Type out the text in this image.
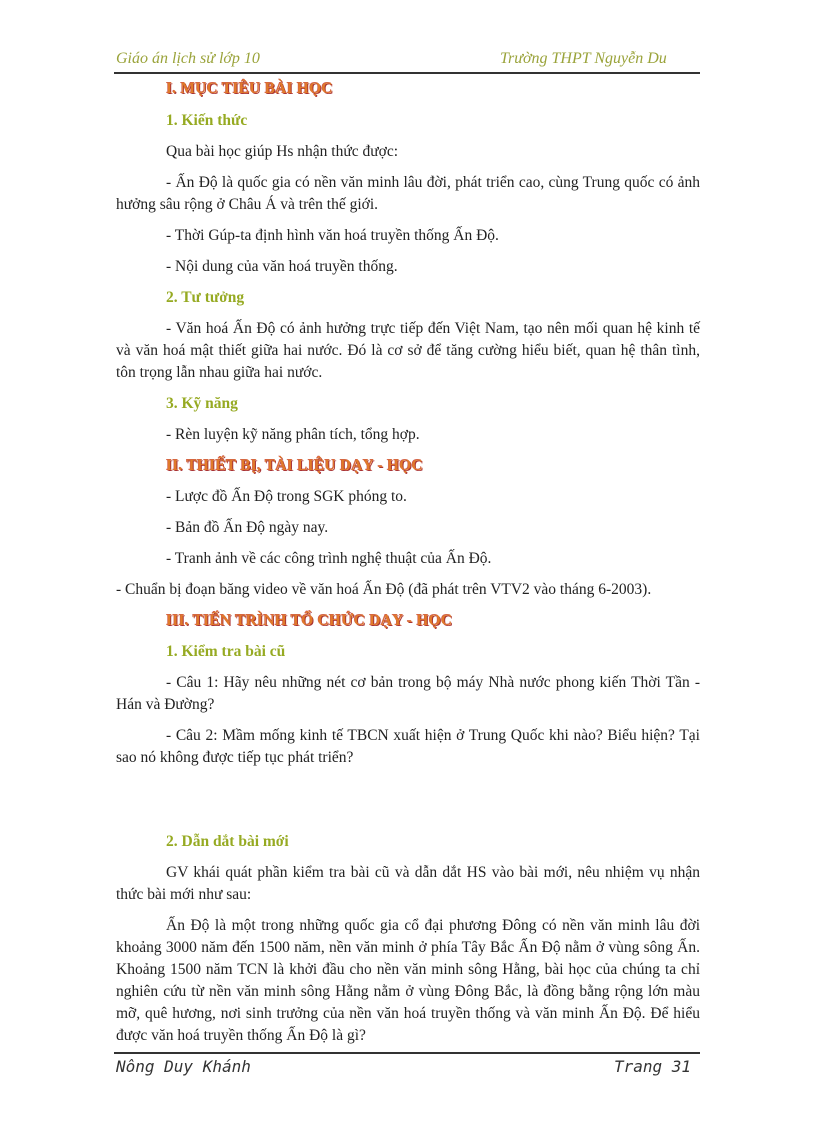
Giáo án lịch sử lớp 10	Trường THPT Nguyễn Du
I. MỤC TIÊU BÀI HỌC
1. Kiến thức

Qua bài học giúp Hs nhận thức được:

- Ấn Độ là quốc gia có nền văn minh lâu đời, phát triển cao, cùng Trung quốc có ảnh hưởng sâu rộng ở Châu Á và trên thế giới.

- Thời Gúp-ta định hình văn hoá truyền thống Ấn Độ.

- Nội dung của văn hoá truyền thống.

2. Tư tưởng

- Văn hoá Ấn Độ có ảnh hưởng trực tiếp đến Việt Nam, tạo nên mối quan hệ kinh tế và văn hoá mật thiết giữa hai nước. Đó là cơ sở để tăng cường hiểu biết, quan hệ thân tình, tôn trọng lẫn nhau giữa hai nước.

3. Kỹ năng

- Rèn luyện kỹ năng phân tích, tổng hợp.

II. THIẾT BỊ, TÀI LIỆU DẠY - HỌC

- Lược đồ Ấn Độ trong SGK phóng to.

- Bản đồ Ấn Độ ngày nay.

- Tranh ảnh về các công trình nghệ thuật của Ấn Độ.

- Chuẩn bị đoạn băng video về văn hoá Ấn Độ (đã phát trên VTV2 vào tháng 6-2003).

III. TIẾN TRÌNH TỔ CHỨC DẠY - HỌC
1. Kiểm tra bài cũ

- Câu 1: Hãy nêu những nét cơ bản trong bộ máy Nhà nước phong kiến Thời Tần - Hán và Đường?

- Câu 2: Mầm mống kinh tế TBCN xuất hiện ở Trung Quốc khi nào? Biểu hiện? Tại sao nó không được tiếp tục phát triển?

2. Dẫn dắt bài mới

GV khái quát phần kiểm tra bài cũ và dẫn dắt HS vào bài mới, nêu nhiệm vụ nhận thức bài mới như sau:

Ấn Độ là một trong những quốc gia cổ đại phương Đông có nền văn minh lâu đời khoảng 3000 năm đến 1500 năm, nền văn minh ở phía Tây Bắc Ấn Độ nằm ở vùng sông Ấn. Khoảng 1500 năm TCN là khởi đầu cho nền văn minh sông Hằng, bài học của chúng ta chỉ nghiên cứu từ nền văn minh sông Hằng nằm ở vùng Đông Bắc, là đồng bằng rộng lớn màu mỡ, quê hương, nơi sinh trưởng của nền văn hoá truyền thống và văn minh Ấn Độ. Để hiểu được văn hoá truyền thống Ấn Độ là gì?

Nông Duy Khánh	Trang 31
